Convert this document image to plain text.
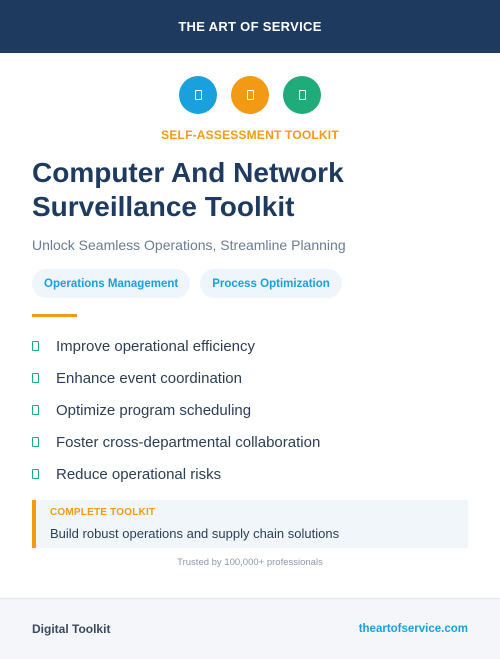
THE ART OF SERVICE
SELF-ASSESSMENT TOOLKIT
Computer And Network Surveillance Toolkit

Unlock Seamless Operations, Streamline Planning

Operations Management	Process Optimization
Improve operational efficiency
Enhance event coordination
Optimize program scheduling
Foster cross-departmental collaboration
Reduce operational risks
COMPLETE TOOLKIT
Build robust operations and supply chain solutions
Trusted by 100,000+ professionals
Digital Toolkit	theartofservice.com
